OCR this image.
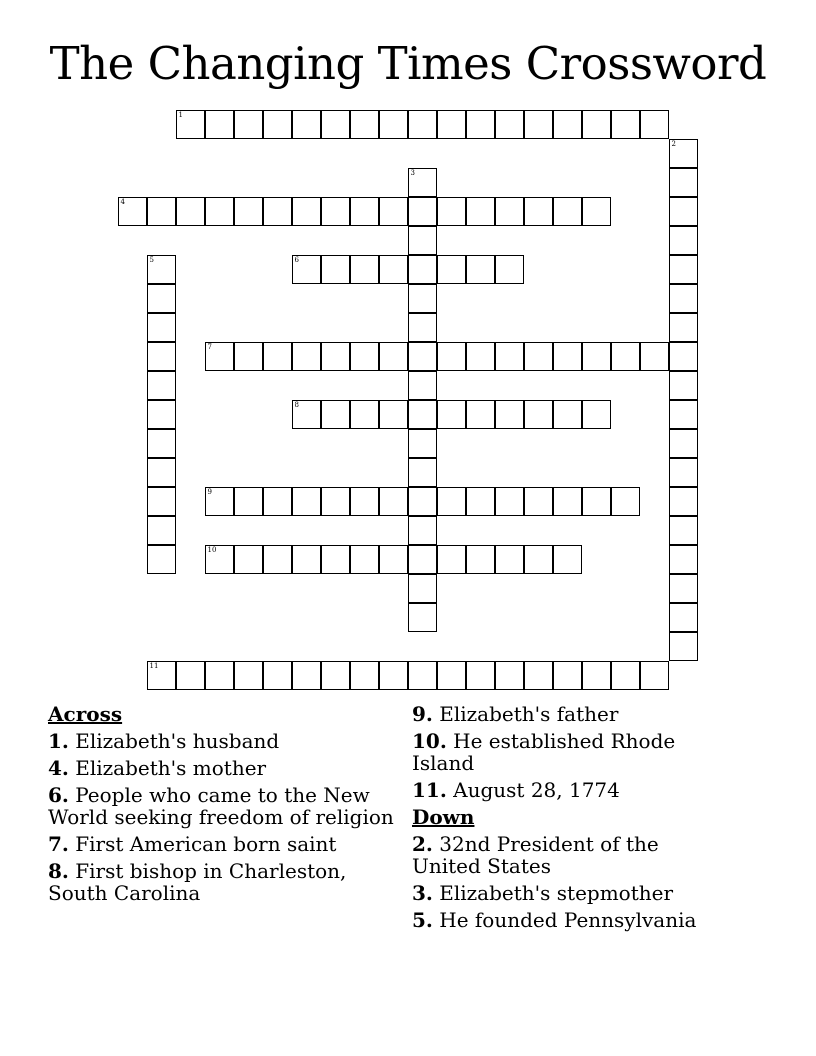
The Changing Times Crossword
1
2
3
4
5	6
7
8
9
10
11
Across
1. Elizabeth's husband
4. Elizabeth's mother
6. People who came to the New World seeking freedom of religion
7. First American born saint
8. First bishop in Charleston, South Carolina
9. Elizabeth's father
10. He established Rhode Island
11. August 28, 1774
Down
2. 32nd President of the United States
3. Elizabeth's stepmother
5. He founded Pennsylvania
